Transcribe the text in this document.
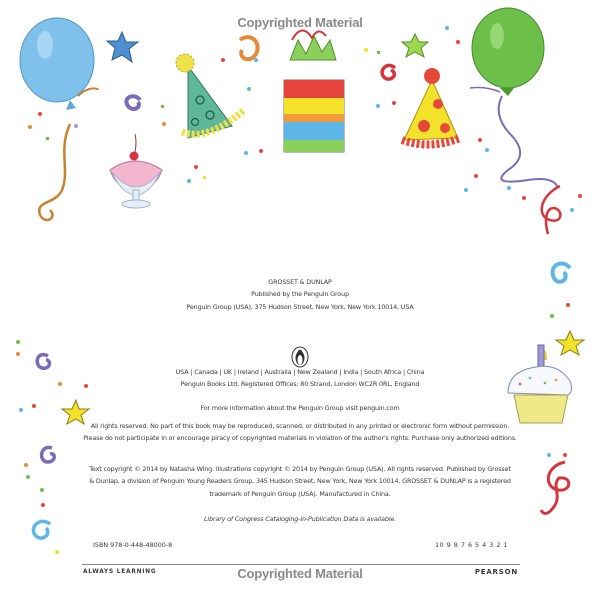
Copyrighted Material
GROSSET & DUNLAP
Published by the Penguin Group
Penguin Group (USA), 375 Hudson Street, New York, New York 10014, USA
USA | Canada | UK | Ireland | Australia | New Zealand | India | South Africa | China
Penguin Books Ltd, Registered Offices: 80 Strand, London WC2R 0RL, England
For more information about the Penguin Group visit penguin.com
All rights reserved. No part of this book may be reproduced, scanned, or distributed in any printed or electronic form without permission.
Please do not participate in or encourage piracy of copyrighted materials in violation of the author's rights. Purchase only authorized editions.
Text copyright © 2014 by Natasha Wing. Illustrations copyright © 2014 by Penguin Group (USA). All rights reserved. Published by Grosset
& Dunlap, a division of Penguin Young Readers Group, 345 Hudson Street, New York, New York 10014. GROSSET & DUNLAP is a registered
trademark of Penguin Group (USA). Manufactured in China.
Library of Congress Cataloging-in-Publication Data is available.
ISBN 978-0-448-48000-8	10 9 8 7 6 5 4 3 2 1
ALWAYS LEARNING	PEARSON
Copyrighted Material
